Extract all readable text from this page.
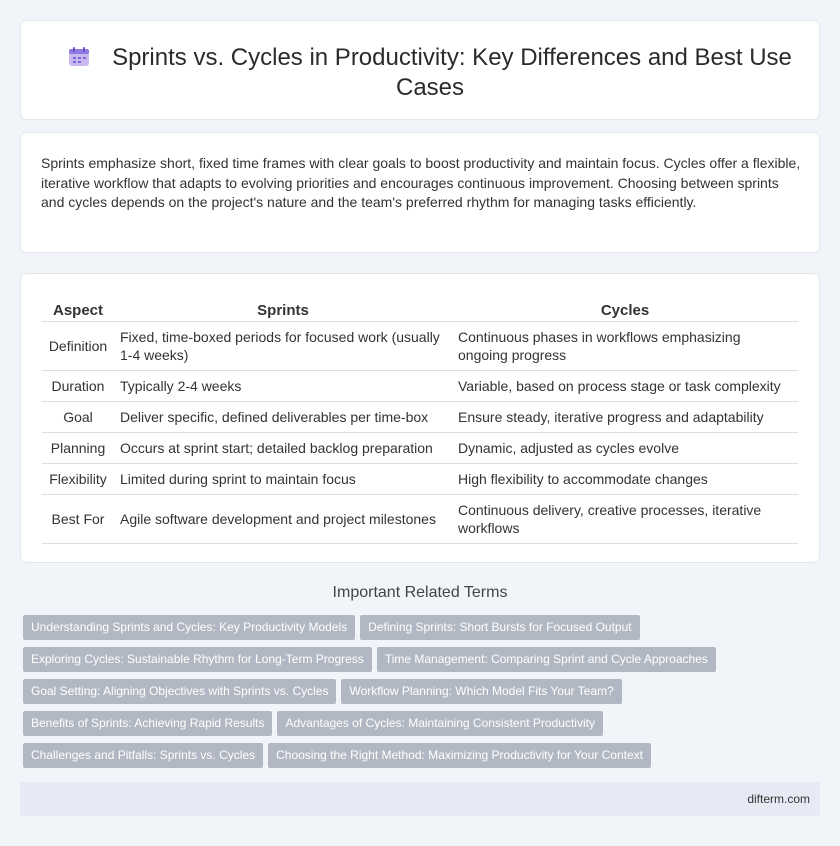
Sprints vs. Cycles in Productivity: Key Differences and Best Use Cases

Sprints emphasize short, fixed time frames with clear goals to boost productivity and maintain focus. Cycles offer a flexible, iterative workflow that adapts to evolving priorities and encourages continuous improvement. Choosing between sprints and cycles depends on the project's nature and the team's preferred rhythm for managing tasks efficiently.

Aspect	Sprints	Cycles
Definition	Fixed, time-boxed periods for focused work (usually 1-4 weeks)	Continuous phases in workflows emphasizing ongoing progress
Duration	Typically 2-4 weeks	Variable, based on process stage or task complexity
Goal	Deliver specific, defined deliverables per time-box	Ensure steady, iterative progress and adaptability
Planning	Occurs at sprint start; detailed backlog preparation	Dynamic, adjusted as cycles evolve
Flexibility	Limited during sprint to maintain focus	High flexibility to accommodate changes
Best For	Agile software development and project milestones	Continuous delivery, creative processes, iterative workflows
Important Related Terms
Understanding Sprints and Cycles: Key Productivity Models Defining Sprints: Short Bursts for Focused Output
Exploring Cycles: Sustainable Rhythm for Long-Term Progress Time Management: Comparing Sprint and Cycle Approaches
Goal Setting: Aligning Objectives with Sprints vs. Cycles Workflow Planning: Which Model Fits Your Team?
Benefits of Sprints: Achieving Rapid Results Advantages of Cycles: Maintaining Consistent Productivity
Challenges and Pitfalls: Sprints vs. Cycles Choosing the Right Method: Maximizing Productivity for Your Context
difterm.com
